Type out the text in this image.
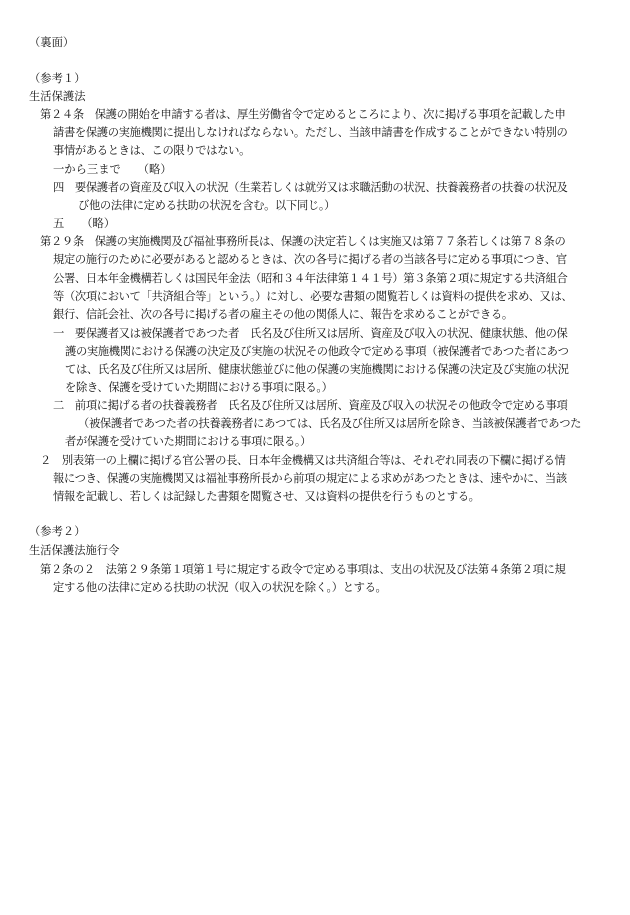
（裏面）
（参考１）
生活保護法
第２４条　保護の開始を申請する者は、厚生労働省令で定めるところにより、次に掲げる事項を記載した申
請書を保護の実施機関に提出しなければならない。ただし、当該申請書を作成することができない特別の
事情があるときは、この限りではない。
一から三まで　　（略）
四　要保護者の資産及び収入の状況（生業若しくは就労又は求職活動の状況、扶養義務者の扶養の状況及
び他の法律に定める扶助の状況を含む。以下同じ。）
五　　（略）
第２９条　保護の実施機関及び福祉事務所長は、保護の決定若しくは実施又は第７７条若しくは第７８条の
規定の施行のために必要があると認めるときは、次の各号に掲げる者の当該各号に定める事項につき、官
公署、日本年金機構若しくは国民年金法（昭和３４年法律第１４１号）第３条第２項に規定する共済組合
等（次項において「共済組合等」という。）に対し、必要な書類の閲覧若しくは資料の提供を求め、又は、
銀行、信託会社、次の各号に掲げる者の雇主その他の関係人に、報告を求めることができる。
一　要保護者又は被保護者であつた者　氏名及び住所又は居所、資産及び収入の状況、健康状態、他の保
護の実施機関における保護の決定及び実施の状況その他政令で定める事項（被保護者であつた者にあつ
ては、氏名及び住所又は居所、健康状態並びに他の保護の実施機関における保護の決定及び実施の状況
を除き、保護を受けていた期間における事項に限る。）
二　前項に掲げる者の扶養義務者　氏名及び住所又は居所、資産及び収入の状況その他政令で定める事項
（被保護者であつた者の扶養義務者にあつては、氏名及び住所又は居所を除き、当該被保護者であつた
者が保護を受けていた期間における事項に限る。）
２　別表第一の上欄に掲げる官公署の長、日本年金機構又は共済組合等は、それぞれ同表の下欄に掲げる情
報につき、保護の実施機関又は福祉事務所長から前項の規定による求めがあつたときは、速やかに、当該
情報を記載し、若しくは記録した書類を閲覧させ、又は資料の提供を行うものとする。
（参考２）
生活保護法施行令
第２条の２　法第２９条第１項第１号に規定する政令で定める事項は、支出の状況及び法第４条第２項に規
定する他の法律に定める扶助の状況（収入の状況を除く。）とする。
